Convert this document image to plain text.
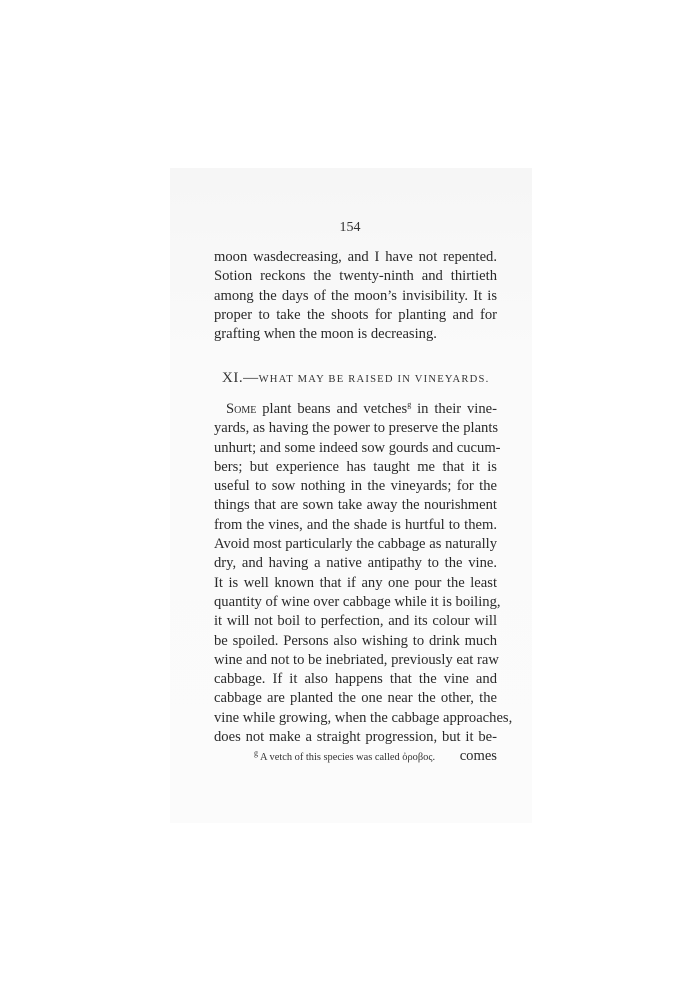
154
moon wasdecreasing, and I have not repented.
Sotion reckons the twenty-ninth and thirtieth
among the days of the moon’s invisibility. It is
proper to take the shoots for planting and for
grafting when the moon is decreasing.
XI.—WHAT MAY BE RAISED IN VINEYARDS.
Some plant beans and vetches$^g$ in their vine-
yards, as having the power to preserve the plants
unhurt; and some indeed sow gourds and cucum-
bers; but experience has taught me that it is
useful to sow nothing in the vineyards; for the
things that are sown take away the nourishment
from the vines, and the shade is hurtful to them.
Avoid most particularly the cabbage as naturally
dry, and having a native antipathy to the vine.
It is well known that if any one pour the least
quantity of wine over cabbage while it is boiling,
it will not boil to perfection, and its colour will
be spoiled. Persons also wishing to drink much
wine and not to be inebriated, previously eat raw
cabbage. If it also happens that the vine and
cabbage are planted the one near the other, the
vine while growing, when the cabbage approaches,
does not make a straight progression, but it be-
comes
$^g$ A vetch of this species was called ὀροβος.
